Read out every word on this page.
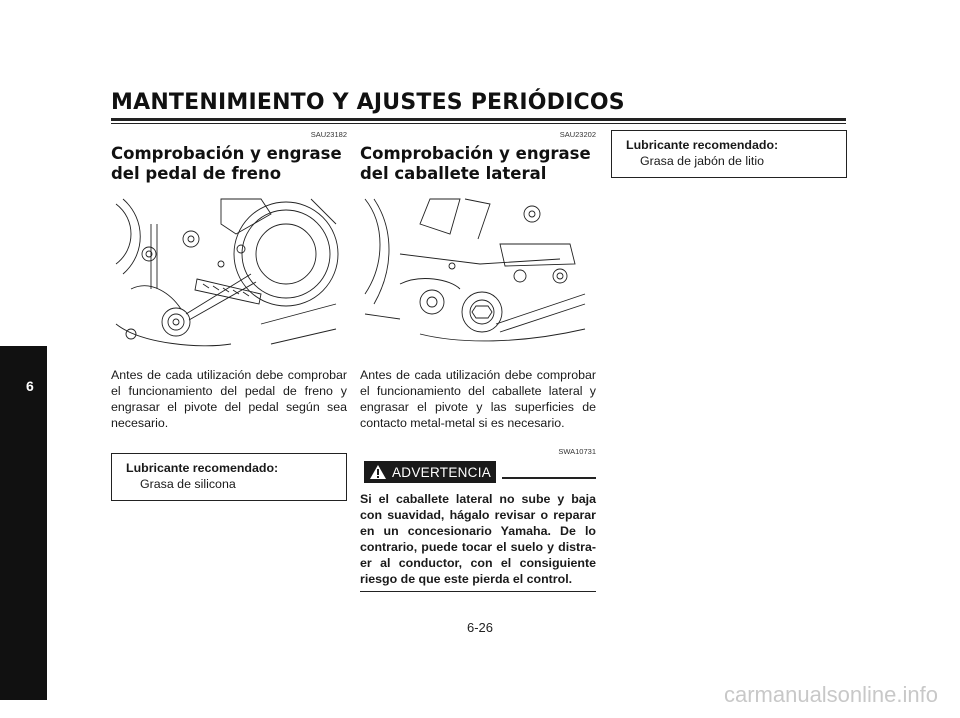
MANTENIMIENTO Y AJUSTES PERIÓDICOS
6
SAU23182
Comprobación y engrase del pedal de freno
Antes de cada utilización debe comprobar el funcionamiento del pedal de freno y engrasar el pivote del pedal según sea necesario.
Lubricante recomendado:
Grasa de silicona
SAU23202
Comprobación y engrase del caballete lateral
Antes de cada utilización debe comprobar el funcionamiento del caballete lateral y engrasar el pivote y las superficies de contacto metal-metal si es necesario.
SWA10731
ADVERTENCIA
Si el caballete lateral no sube y baja con suavidad, hágalo revisar o reparar en un concesionario Yamaha. De lo contrario, puede tocar el suelo y distra-er al conductor, con el consiguiente riesgo de que este pierda el control.
Lubricante recomendado:
Grasa de jabón de litio
6-26
carmanualsonline.info
